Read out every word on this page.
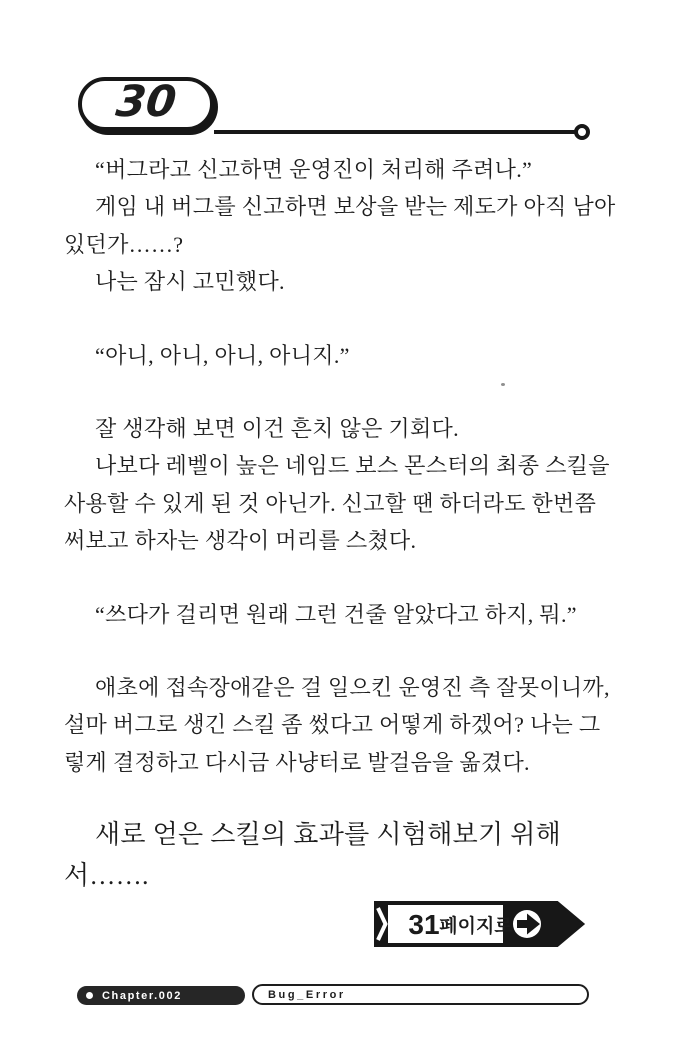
30
“버그라고 신고하면 운영진이 처리해 주려나.”
게임 내 버그를 신고하면 보상을 받는 제도가 아직 남아
있던가……?
나는 잠시 고민했다.
“아니, 아니, 아니, 아니지.”
잘 생각해 보면 이건 흔치 않은 기회다.
나보다 레벨이 높은 네임드 보스 몬스터의 최종 스킬을
사용할 수 있게 된 것 아닌가. 신고할 땐 하더라도 한번쯤
써보고 하자는 생각이 머리를 스쳤다.
“쓰다가 걸리면 원래 그런 건줄 알았다고 하지, 뭐.”
애초에 접속장애같은 걸 일으킨 운영진 측 잘못이니까,
설마 버그로 생긴 스킬 좀 썼다고 어떻게 하겠어? 나는 그
렇게 결정하고 다시금 사냥터로 발걸음을 옮겼다.
새로 얻은 스킬의 효과를 시험해보기 위해
서…….
31 페이지로
Chapter.002	Bug_Error
